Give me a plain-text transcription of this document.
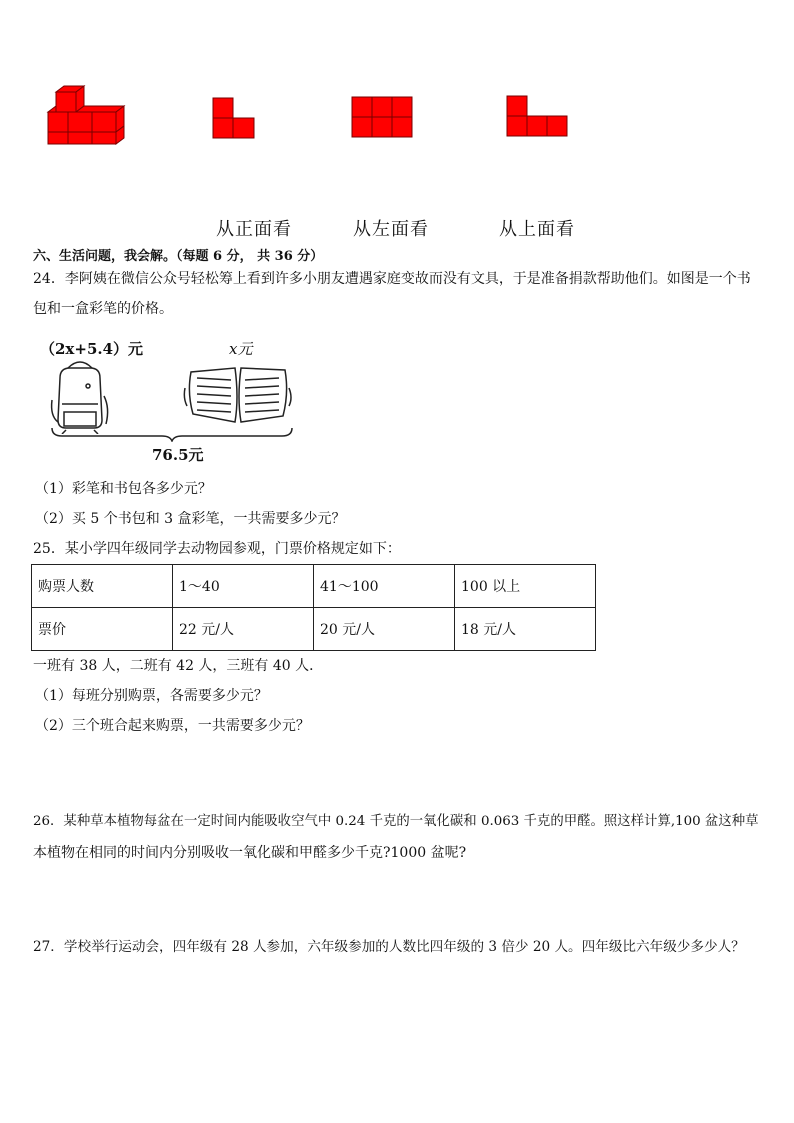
从正面看	从左面看	从上面看
六、生活问题，我会解。（每题 6 分， 共 36 分）
24．李阿姨在微信公众号轻松筹上看到许多小朋友遭遇家庭变故而没有文具，于是准备捐款帮助他们。如图是一个书
包和一盒彩笔的价格。
（2x+5.4）元	x元
76.5元
（1）彩笔和书包各多少元？
（2）买 5 个书包和 3 盒彩笔，一共需要多少元？
25．某小学四年级同学去动物园参观，门票价格规定如下：
购票人数	1～40	41～100	100 以上
票价	22 元/人	20 元/人	18 元/人
一班有 38 人，二班有 42 人，三班有 40 人．
（1）每班分别购票，各需要多少元？
（2）三个班合起来购票，一共需要多少元？
26．某种草本植物每盆在一定时间内能吸收空气中 0.24 千克的一氧化碳和 0.063 千克的甲醛。照这样计算,100 盆这种草
本植物在相同的时间内分别吸收一氧化碳和甲醛多少千克?1000 盆呢?
27．学校举行运动会，四年级有 28 人参加，六年级参加的人数比四年级的 3 倍少 20 人。四年级比六年级少多少人？
